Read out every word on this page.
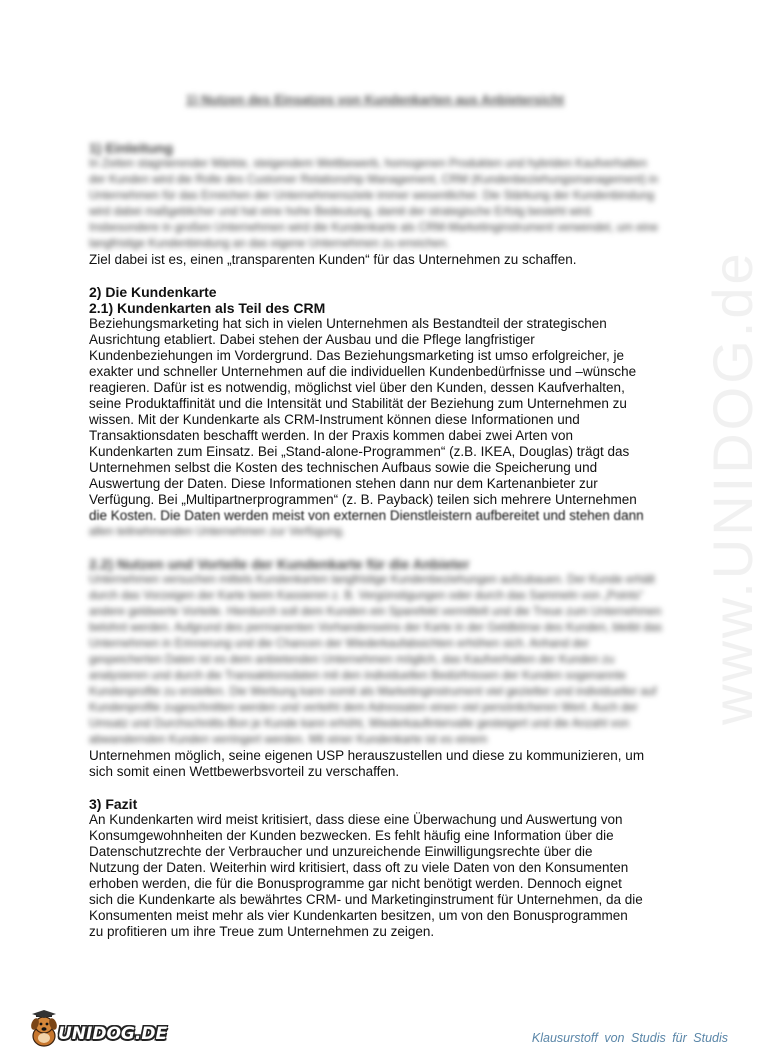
www.UNIDOG.de
1) Nutzen des Einsatzes von Kundenkarten aus Anbietersicht
1) Einleitung
In Zeiten stagnierender Märkte, steigendem Wettbewerb, homogenen Produkten und hybriden Kaufverhalten der Kunden wird die Rolle des Customer Relationship Management, CRM (Kundenbeziehungsmanagement) in Unternehmen für das Erreichen der Unternehmensziele immer wesentlicher. Die Stärkung der Kundenbindung wird dabei maßgeblicher und hat eine hohe Bedeutung, damit der strategische Erfolg besteht wird. Insbesondere in großen Unternehmen wird die Kundenkarte als CRM-Marketinginstrument verwendet, um eine langfristige Kundenbindung an das eigene Unternehmen zu erreichen.
Ziel dabei ist es, einen „transparenten Kunden“ für das Unternehmen zu schaffen.
2) Die Kundenkarte
2.1) Kundenkarten als Teil des CRM
Beziehungsmarketing hat sich in vielen Unternehmen als Bestandteil der strategischen
Ausrichtung etabliert. Dabei stehen der Ausbau und die Pflege langfristiger
Kundenbeziehungen im Vordergrund. Das Beziehungsmarketing ist umso erfolgreicher, je
exakter und schneller Unternehmen auf die individuellen Kundenbedürfnisse und –wünsche
reagieren. Dafür ist es notwendig, möglichst viel über den Kunden, dessen Kaufverhalten,
seine Produktaffinität und die Intensität und Stabilität der Beziehung zum Unternehmen zu
wissen. Mit der Kundenkarte als CRM-Instrument können diese Informationen und
Transaktionsdaten beschafft werden. In der Praxis kommen dabei zwei Arten von
Kundenkarten zum Einsatz. Bei „Stand-alone-Programmen“ (z.B. IKEA, Douglas) trägt das
Unternehmen selbst die Kosten des technischen Aufbaus sowie die Speicherung und
Auswertung der Daten. Diese Informationen stehen dann nur dem Kartenanbieter zur
Verfügung. Bei „Multipartnerprogrammen“ (z. B. Payback) teilen sich mehrere Unternehmen
die Kosten. Die Daten werden meist von externen Dienstleistern aufbereitet und stehen dann
allen teilnehmenden Unternehmen zur Verfügung.
2.2) Nutzen und Vorteile der Kundenkarte für die Anbieter
Unternehmen versuchen mittels Kundenkarten langfristige Kundenbeziehungen aufzubauen. Der Kunde erhält durch das Vorzeigen der Karte beim Kassieren z. B. Vergünstigungen oder durch das Sammeln von „Points“ andere geldwerte Vorteile. Hierdurch soll dem Kunden ein Sparefekt vermittelt und die Treue zum Unternehmen belohnt werden. Aufgrund des permanenten Vorhandenseins der Karte in der Geldbörse des Kunden, bleibt das Unternehmen in Erinnerung und die Chancen der Wiederkaufabsichten erhöhen sich. Anhand der gespeicherten Daten ist es dem anbietenden Unternehmen möglich, das Kaufverhalten der Kunden zu analysieren und durch die Transaktionsdaten mit den individuellen Bedürfnissen der Kunden sogenannte Kundenprofile zu erstellen. Die Werbung kann somit als Marketinginstrument viel gezielter und individueller auf Kundenprofile zugeschnitten werden und verleiht dem Adressaten einen viel persönlicheren Wert. Auch der Umsatz und Durchschnitts-Bon je Kunde kann erhöht, Wiederkaufintervalle gesteigert und die Anzahl von abwandernden Kunden verringert werden. Mit einer Kundenkarte ist es einem
Unternehmen möglich, seine eigenen USP herauszustellen und diese zu kommunizieren, um
sich somit einen Wettbewerbsvorteil zu verschaffen.
3) Fazit
An Kundenkarten wird meist kritisiert, dass diese eine Überwachung und Auswertung von
Konsumgewohnheiten der Kunden bezwecken. Es fehlt häufig eine Information über die
Datenschutzrechte der Verbraucher und unzureichende Einwilligungsrechte über die
Nutzung der Daten. Weiterhin wird kritisiert, dass oft zu viele Daten von den Konsumenten
erhoben werden, die für die Bonusprogramme gar nicht benötigt werden. Dennoch eignet
sich die Kundenkarte als bewährtes CRM- und Marketinginstrument für Unternehmen, da die
Konsumenten meist mehr als vier Kundenkarten besitzen, um von den Bonusprogrammen
zu profitieren um ihre Treue zum Unternehmen zu zeigen.
UNIDOG.DE	Klausurstoff von Studis für Studis
